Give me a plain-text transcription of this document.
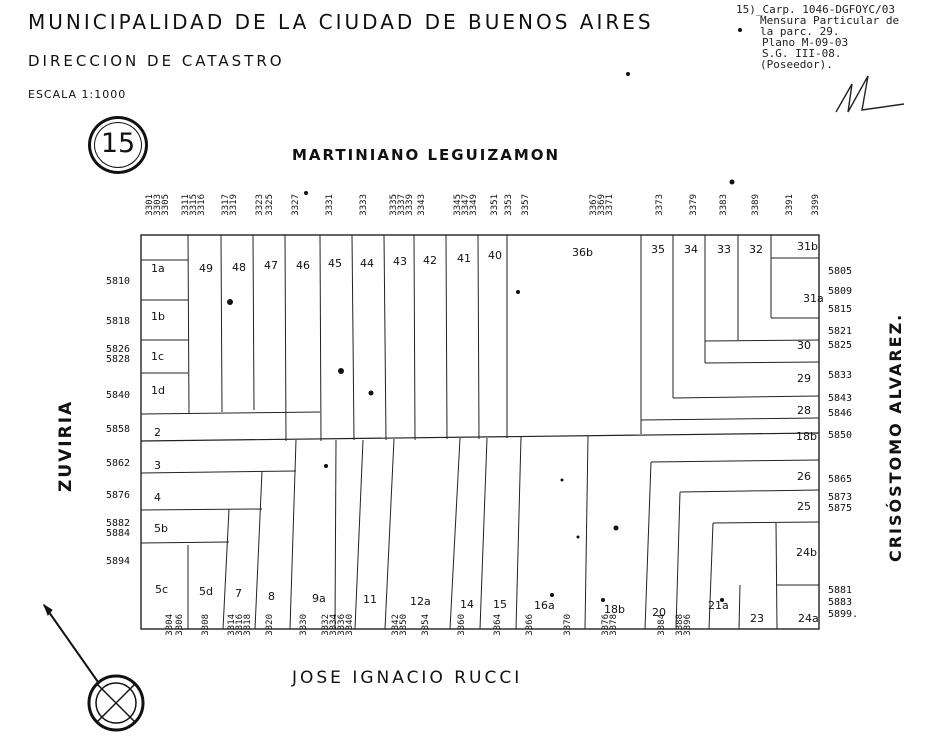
MUNICIPALIDAD DE LA CIUDAD DE BUENOS AIRES
DIRECCION DE CATASTRO
ESCALA 1:1000
15
15)_Carp. 1046-DGFOYC/03
Mensura Particular de
la parc. 29.
Plano M-09-03
S.G. III-08.
(Poseedor).
MARTINIANO LEGUIZAMON
JOSE IGNACIO RUCCI
ZUVIRIA	CRISÓSTOMO ALVAREZ.
3301
3303
3305 3311
3315
3316 3317
3319 3323 3325 3327	3331	3333 3335
3337
3339 3343	3345
3347
3349 3351 3353 3357	3367
3369
3371	3373	3379 3383 3389	3391 3399
3304 3306 3308 3314
3316
3318 3320	3330 3332
3334
3336
3340	3342
3350 3354	3360	3364 3366	3370	3376
3378	3384 3388
3396
5810
5818
5826
5828
5840
5858
5862
5876
5882
5884
5894
5805
5809
5815
5821
5825
5833
5843
5846
5850
5865
5873
5875
5881
5883
5899.
1a
1b
1c
1d
2
3
4
5b
5c	5d 7 8	9a	11	12a	14 15 16a	18b 20
21a
23	24a
24b
25
26
18b
28
29
30
31a
31b
32
33
34
35
36b
40
41
42
43
44
45
46
47
48
49
